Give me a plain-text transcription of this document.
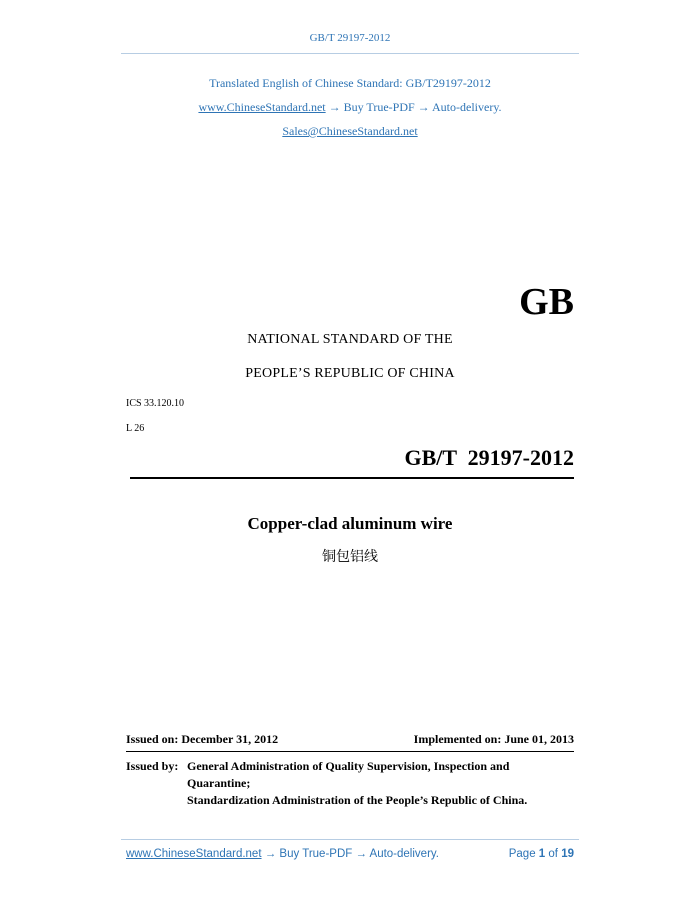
GB/T 29197-2012
Translated English of Chinese Standard: GB/T29197-2012
www.ChineseStandard.net → Buy True-PDF → Auto-delivery.
Sales@ChineseStandard.net
GB
NATIONAL STANDARD OF THE
PEOPLE’S REPUBLIC OF CHINA
ICS 33.120.10
L 26
GB/T  29197-2012
Copper-clad aluminum wire
铜包铝线
Issued on: December 31, 2012	Implemented on: June 01, 2013
Issued by: General Administration of Quality Supervision, Inspection and
Quarantine;
Standardization Administration of the People’s Republic of China.
www.ChineseStandard.net → Buy True-PDF → Auto-delivery.	Page 1 of 19
